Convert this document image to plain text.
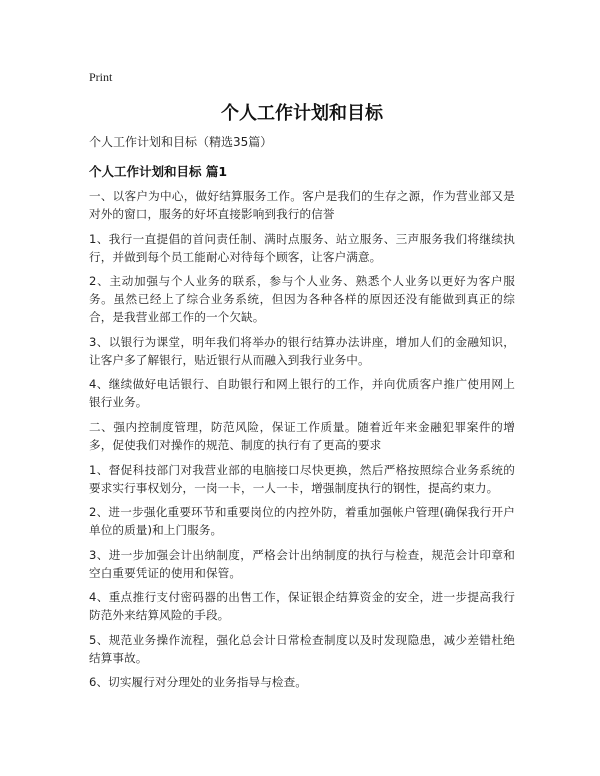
Print
个人工作计划和目标
个人工作计划和目标（精选35篇）
个人工作计划和目标 篇1
一、以客户为中心，做好结算服务工作。客户是我们的生存之源，作为营业部又是对外的窗口，服务的好坏直接影响到我行的信誉
1、我行一直提倡的首问责任制、满时点服务、站立服务、三声服务我们将继续执行，并做到每个员工能耐心对待每个顾客，让客户满意。
2、主动加强与个人业务的联系，参与个人业务、熟悉个人业务以更好为客户服务。虽然已经上了综合业务系统，但因为各种各样的原因还没有能做到真正的综合，是我营业部工作的一个欠缺。
3、以银行为课堂，明年我们将举办的银行结算办法讲座，增加人们的金融知识，让客户多了解银行，贴近银行从而融入到我行业务中。
4、继续做好电话银行、自助银行和网上银行的工作，并向优质客户推广使用网上银行业务。
二、强内控制度管理，防范风险，保证工作质量。随着近年来金融犯罪案件的增多，促使我们对操作的规范、制度的执行有了更高的要求
1、督促科技部门对我营业部的电脑接口尽快更换，然后严格按照综合业务系统的要求实行事权划分，一岗一卡，一人一卡，增强制度执行的钢性，提高约束力。
2、进一步强化重要环节和重要岗位的内控外防，着重加强帐户管理(确保我行开户单位的质量)和上门服务。
3、进一步加强会计出纳制度，严格会计出纳制度的执行与检查，规范会计印章和空白重要凭证的使用和保管。
4、重点推行支付密码器的出售工作，保证银企结算资金的安全，进一步提高我行防范外来结算风险的手段。
5、规范业务操作流程，强化总会计日常检查制度以及时发现隐患，减少差错杜绝结算事故。
6、切实履行对分理处的业务指导与检查。
